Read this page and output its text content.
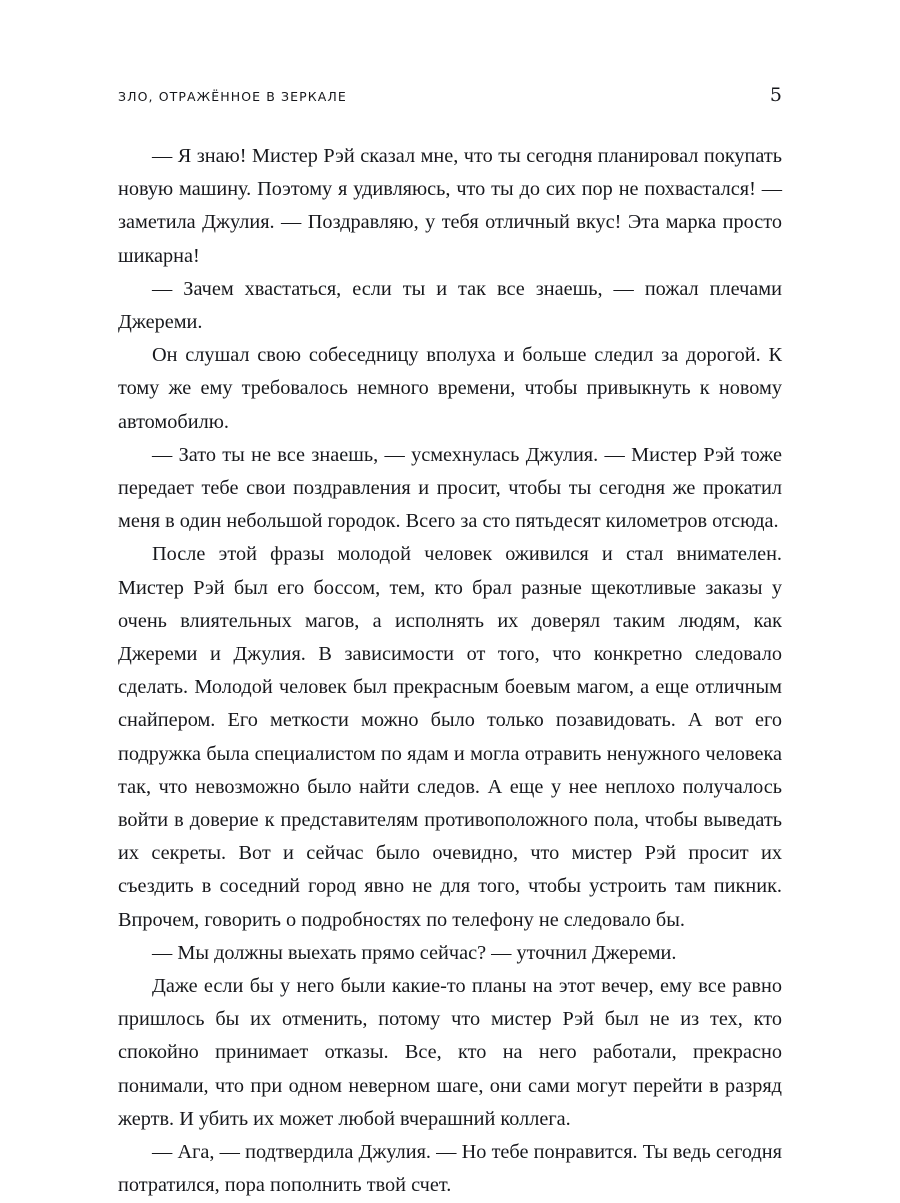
ЗЛО, ОТРАЖЁННОЕ В ЗЕРКАЛЕ	5

— Я знаю! Мистер Рэй сказал мне, что ты сегодня планировал покупать новую машину. Поэтому я удивляюсь, что ты до сих пор не похвастался! — заметила Джулия. — Поздравляю, у тебя отличный вкус! Эта марка просто шикарна!

— Зачем хвастаться, если ты и так все знаешь, — пожал плечами Джереми.

Он слушал свою собеседницу вполуха и больше следил за дорогой. К тому же ему требовалось немного времени, чтобы привыкнуть к новому автомобилю.

— Зато ты не все знаешь, — усмехнулась Джулия. — Мистер Рэй тоже передает тебе свои поздравления и просит, чтобы ты сегодня же прокатил меня в один небольшой городок. Всего за сто пятьдесят километров отсюда.

После этой фразы молодой человек оживился и стал внимателен. Мистер Рэй был его боссом, тем, кто брал разные щекотливые заказы у очень влиятельных магов, а исполнять их доверял таким людям, как Джереми и Джулия. В зависимости от того, что конкретно следовало сделать. Молодой человек был прекрасным боевым магом, а еще отличным снайпером. Его меткости можно было только позавидовать. А вот его подружка была специалистом по ядам и могла отравить ненужного человека так, что невозможно было найти следов. А еще у нее неплохо получалось войти в доверие к представителям противоположного пола, чтобы выведать их секреты. Вот и сейчас было очевидно, что мистер Рэй просит их съездить в соседний город явно не для того, чтобы устроить там пикник. Впрочем, говорить о подробностях по телефону не следовало бы.

— Мы должны выехать прямо сейчас? — уточнил Джереми.

Даже если бы у него были какие-то планы на этот вечер, ему все равно пришлось бы их отменить, потому что мистер Рэй был не из тех, кто спокойно принимает отказы. Все, кто на него работали, прекрасно понимали, что при одном неверном шаге, они сами могут перейти в разряд жертв. И убить их может любой вчерашний коллега.

— Ага, — подтвердила Джулия. — Но тебе понравится. Ты ведь сегодня потратился, пора пополнить твой счет.
